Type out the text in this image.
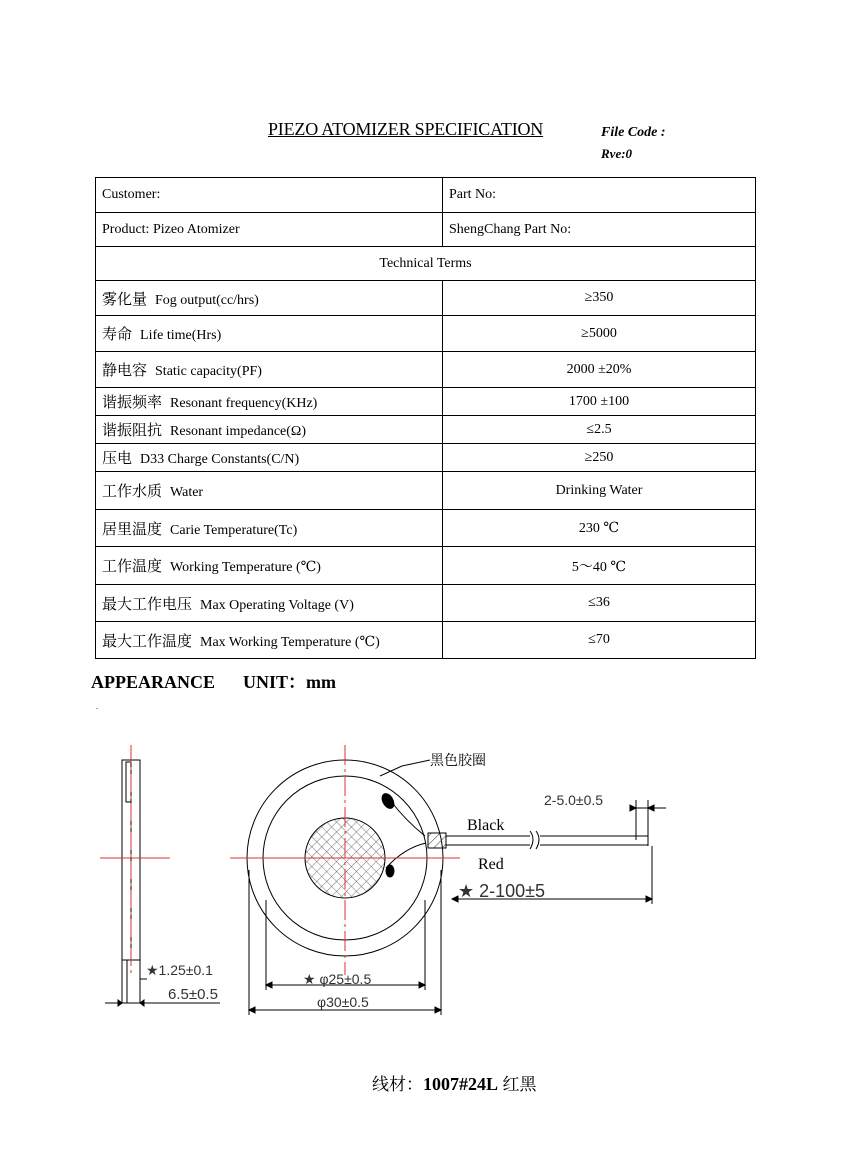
PIEZO ATOMIZER SPECIFICATION	File Code :
Rve:0
Customer:	Part No:
Product: Pizeo Atomizer	ShengChang Part No:
Technical Terms	
雾化量 Fog output(cc/hrs)	≥350
寿命 Life time(Hrs)	≥5000
静电容 Static capacity(PF)	2000 ±20%
谐振频率 Resonant frequency(KHz)	1700 ±100
谐振阻抗 Resonant impedance(Ω)	≤2.5
压电 D33 Charge Constants(C/N)	≥250
工作水质 Water	Drinking Water
居里温度 Carie Temperature(Tc)	230 ℃
工作温度 Working Temperature (℃)	5～40 ℃
最大工作电压 Max Operating Voltage (V)	≤36
最大工作温度 Max Working Temperature (℃)	≤70
APPEARANCE UNIT：mm
.
黑色胶圈
Black
Red
2-5.0±0.5
★ 2-100±5
★1.25±0.1
6.5±0.5
★ φ25±0.5
φ30±0.5
线材：1007#24L 红黑
